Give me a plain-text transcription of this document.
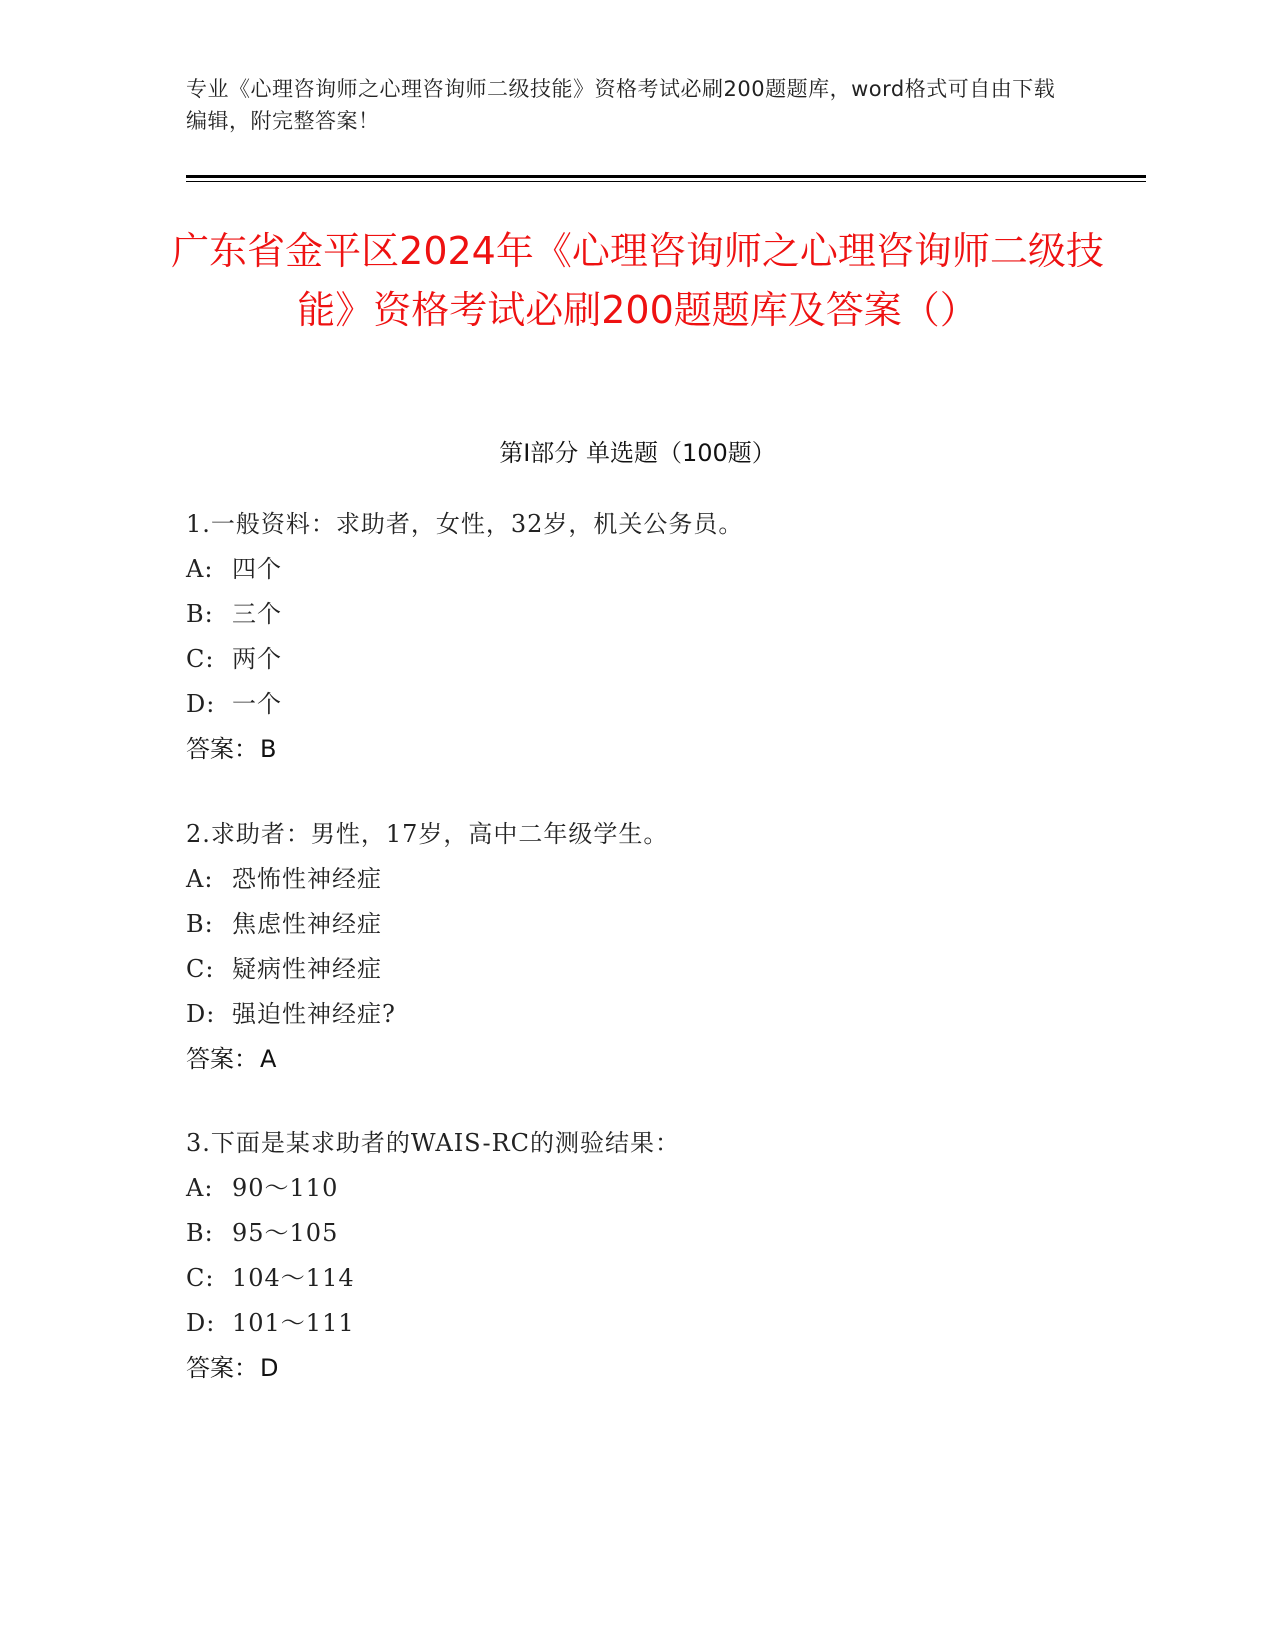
专业《心理咨询师之心理咨询师二级技能》资格考试必刷200题题库，word格式可自由下载编辑，附完整答案！
广东省金平区2024年《心理咨询师之心理咨询师二级技能》资格考试必刷200题题库及答案（）
第I部分 单选题（100题）
1.一般资料：求助者，女性，32岁，机关公务员。
A: 四个
B: 三个
C: 两个
D: 一个
答案：B
2.求助者：男性，17岁，高中二年级学生。
A: 恐怖性神经症
B: 焦虑性神经症
C: 疑病性神经症
D: 强迫性神经症?
答案：A
3.下面是某求助者的WAIS-RC的测验结果：
A: 90～110
B: 95～105
C: 104～114
D: 101～111
答案：D
